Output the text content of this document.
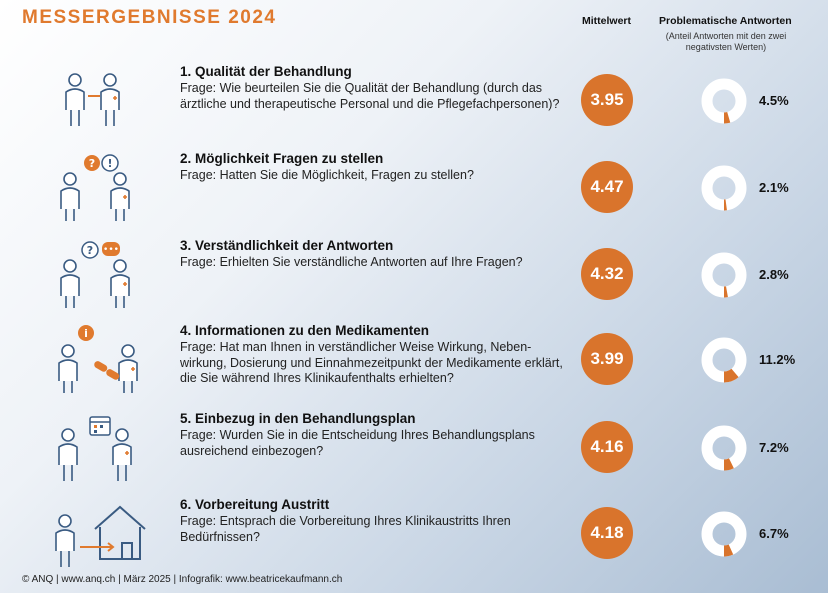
MESSERGEBNISSE 2024	Mittelwert	Problematische Antworten
(Anteil Antworten mit den zwei negativsten Werten)
1. Qualität der Behandlung
Frage: Wie beurteilen Sie die Qualität der Behandlung (durch das ärztliche und therapeutische Personal und die Pflegefachpersonen)?	3.95	4.5%
? !	2. Möglichkeit Fragen zu stellen
Frage: Hatten Sie die Möglichkeit, Fragen zu stellen?
4.47	2.1%
? •••	3. Verständlichkeit der Antworten
Frage: Erhielten Sie verständliche Antworten auf Ihre Fragen?
4.32	2.8%
i	4. Informationen zu den Medikamenten
Frage: Hat man Ihnen in verständlicher Weise Wirkung, Nebenwirkung, Dosierung und Einnahmezeitpunkt der Medikamente erklärt, die Sie während Ihres Klinikaufenthalts erhielten?
3.99	11.2%
5. Einbezug in den Behandlungsplan
Frage: Wurden Sie in die Entscheidung Ihres Behandlungsplans ausreichend einbezogen?	4.16	7.2%
6. Vorbereitung Austritt
Frage: Entsprach die Vorbereitung Ihres Klinikaustritts Ihren Bedürfnissen?	4.18	6.7%
© ANQ | www.anq.ch | März 2025 | Infografik: www.beatricekaufmann.ch
